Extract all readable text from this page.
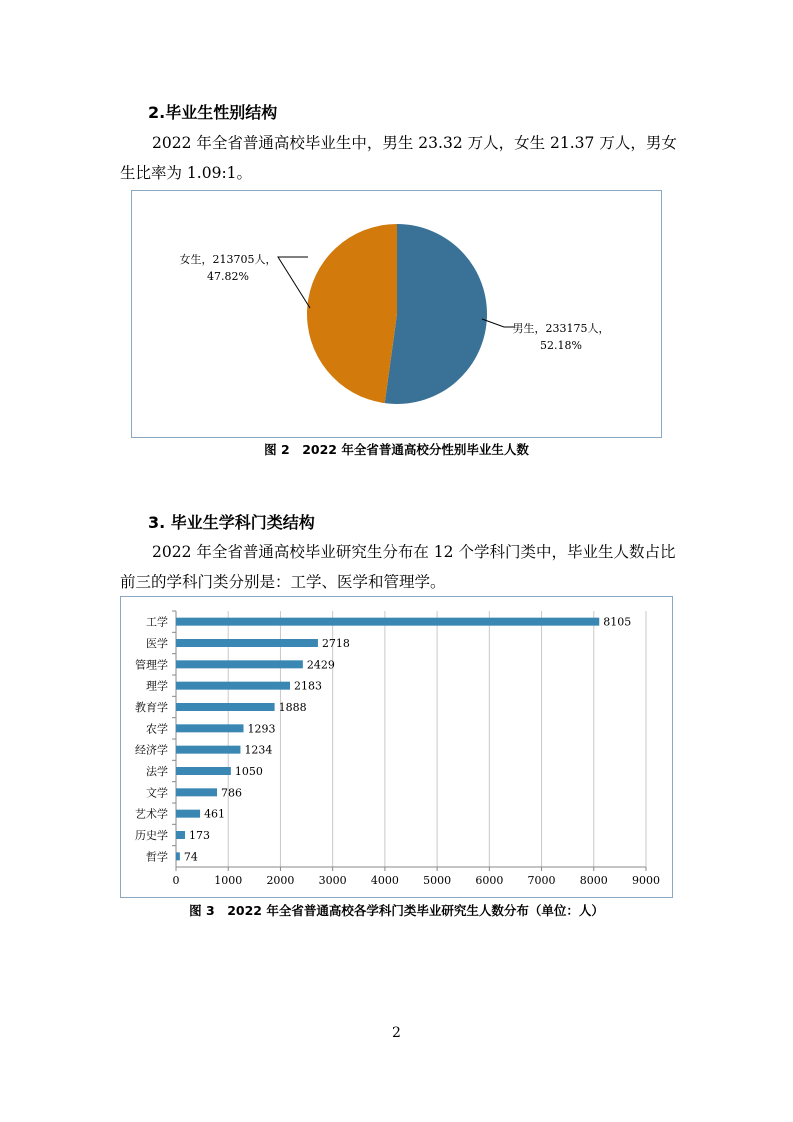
2.毕业生性别结构

2022 年全省普通高校毕业生中，男生 23.32 万人，女生 21.37 万人，男女生比率为 1.09:1。

男生，233175人，
52.18%
女生，213705人，
47.82%
图 2　2022 年全省普通高校分性别毕业生人数

3. 毕业生学科门类结构

2022 年全省普通高校毕业研究生分布在 12 个学科门类中，毕业生人数占比前三的学科门类分别是：工学、医学和管理学。

0	1000 2000 3000 4000 5000 6000 7000 8000 9000
工学	8105
医学	2718
管理学	2429
理学	2183
教育学	1888
农学	1293
经济学	1234
法学	1050
文学	786
艺术学	461
历史学 173
哲学 74
图 3　2022 年全省普通高校各学科门类毕业研究生人数分布（单位：人）
2
